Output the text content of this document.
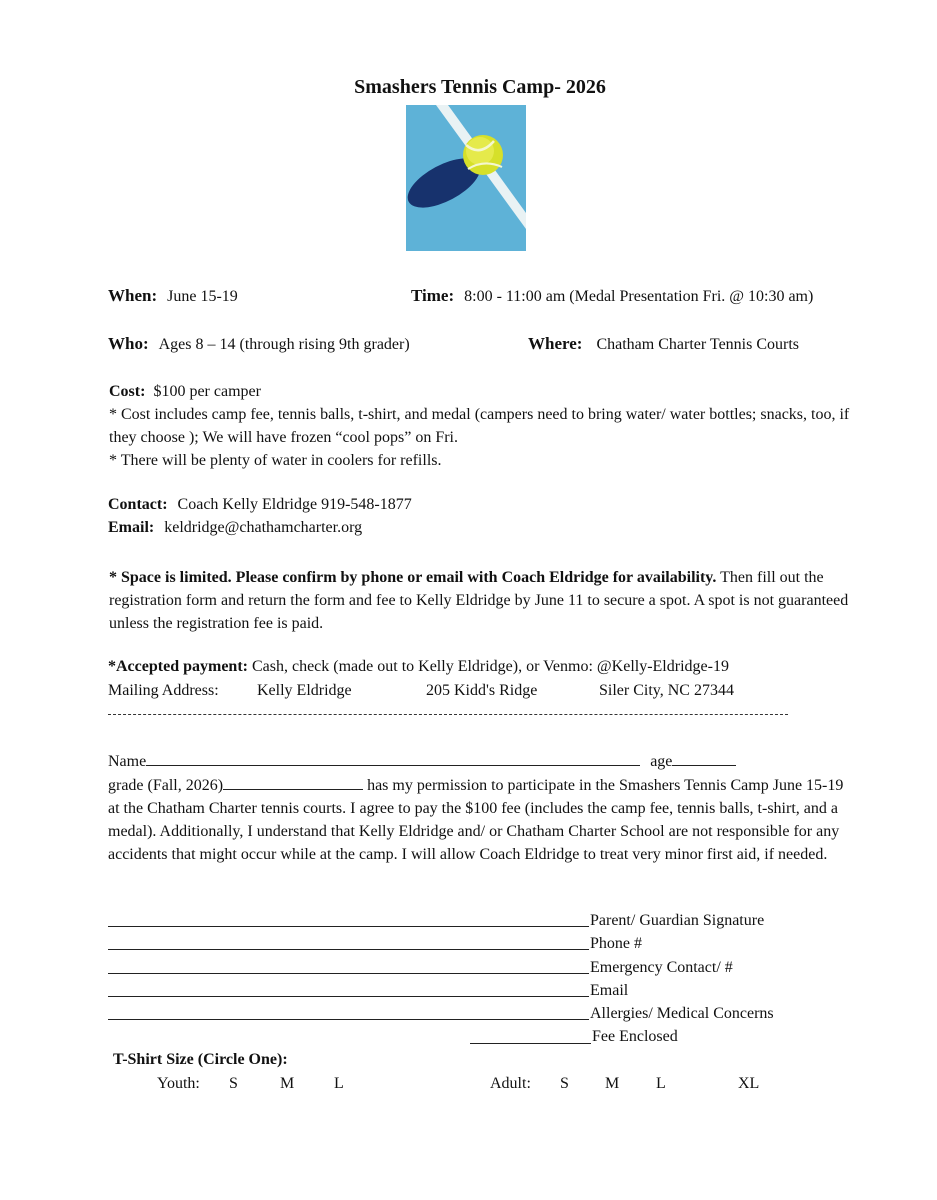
Smashers Tennis Camp- 2026
When: June 15-19	Time: 8:00 - 11:00 am (Medal Presentation Fri. @ 10:30 am)
Who: Ages 8 – 14 (through rising 9th grader)	Where: Chatham Charter Tennis Courts
Cost: $100 per camper
* Cost includes camp fee, tennis balls, t-shirt, and medal (campers need to bring water/ water bottles; snacks, too, if they choose ); We will have frozen “cool pops” on Fri.
* There will be plenty of water in coolers for refills.
Contact: Coach Kelly Eldridge 919-548-1877
Email: keldridge@chathamcharter.org
* Space is limited. Please confirm by phone or email with Coach Eldridge for availability. Then fill out the registration form and return the form and fee to Kelly Eldridge by June 11 to secure a spot. A spot is not guaranteed unless the registration fee is paid.
*Accepted payment: Cash, check (made out to Kelly Eldridge), or Venmo: @Kelly-Eldridge-19
Mailing Address: Kelly Eldridge	205 Kidd's Ridge	Siler City, NC 27344
Name	age
grade (Fall, 2026)	has my permission to participate in the Smashers Tennis Camp June 15-19 at the Chatham Charter tennis courts. I agree to pay the $100 fee (includes the camp fee, tennis balls, t-shirt, and a medal). Additionally, I understand that Kelly Eldridge and/ or Chatham Charter School are not responsible for any accidents that might occur while at the camp. I will allow Coach Eldridge to treat very minor first aid, if needed.
Parent/ Guardian Signature
Phone #
Emergency Contact/ #
Email
Allergies/ Medical Concerns
Fee Enclosed
T-Shirt Size (Circle One):
Youth: S	M L	Adult: S M L	XL
